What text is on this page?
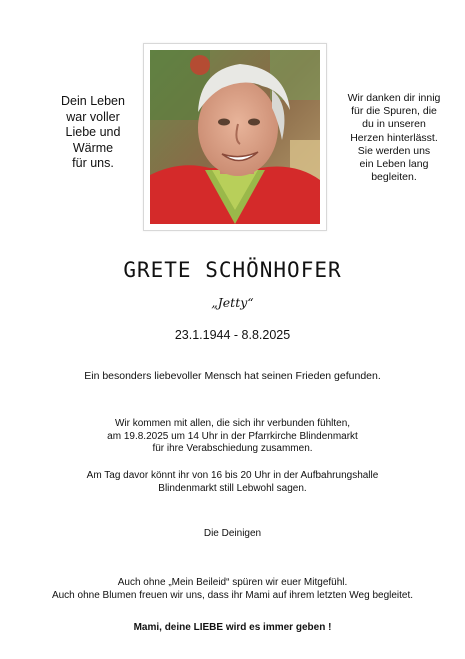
Dein Leben
war voller
Liebe und
Wärme
für uns.
Wir danken dir innig
für die Spuren, die
du in unseren
Herzen hinterlässt.
Sie werden uns
ein Leben lang
begleiten.
GRETE SCHÖNHOFER
„Jetty“
23.1.1944 - 8.8.2025
Ein besonders liebevoller Mensch hat seinen Frieden gefunden.
Wir kommen mit allen, die sich ihr verbunden fühlten,
am 19.8.2025 um 14 Uhr in der Pfarrkirche Blindenmarkt
für ihre Verabschiedung zusammen.
Am Tag davor könnt ihr von 16 bis 20 Uhr in der Aufbahrungshalle
Blindenmarkt still Lebwohl sagen.
Die Deinigen
Auch ohne „Mein Beileid“ spüren wir euer Mitgefühl.
Auch ohne Blumen freuen wir uns, dass ihr Mami auf ihrem letzten Weg begleitet.
Mami, deine LIEBE wird es immer geben !
